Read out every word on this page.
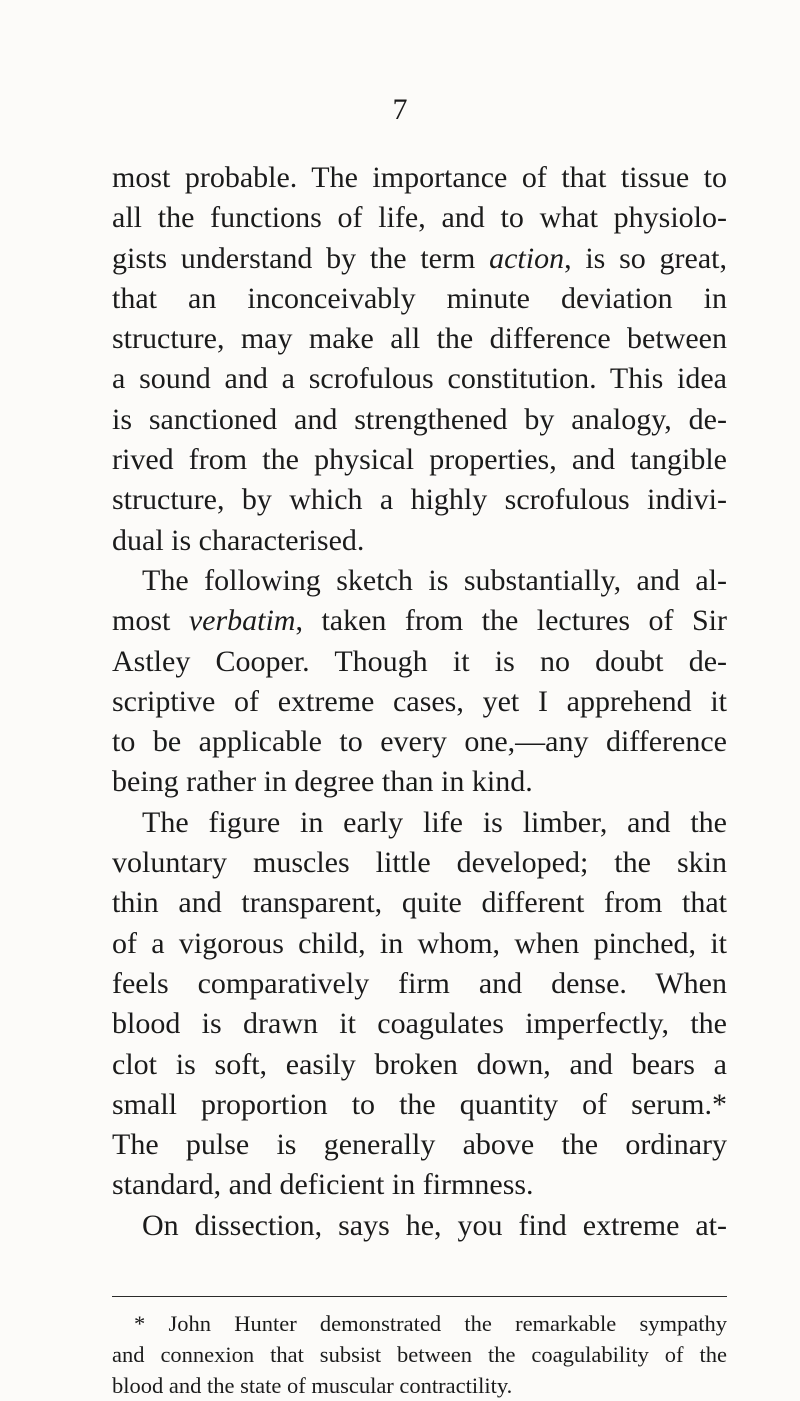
7
most probable. The importance of that tissue to
all the functions of life, and to what physiolo-
gists understand by the term action, is so great,
that an inconceivably minute deviation in
structure, may make all the difference between
a sound and a scrofulous constitution. This idea
is sanctioned and strengthened by analogy, de-
rived from the physical properties, and tangible
structure, by which a highly scrofulous indivi-
dual is characterised.
The following sketch is substantially, and al-
most verbatim, taken from the lectures of Sir
Astley Cooper. Though it is no doubt de-
scriptive of extreme cases, yet I apprehend it
to be applicable to every one,—any difference
being rather in degree than in kind.
The figure in early life is limber, and the
voluntary muscles little developed; the skin
thin and transparent, quite different from that
of a vigorous child, in whom, when pinched, it
feels comparatively firm and dense. When
blood is drawn it coagulates imperfectly, the
clot is soft, easily broken down, and bears a
small proportion to the quantity of serum.*
The pulse is generally above the ordinary
standard, and deficient in firmness.
On dissection, says he, you find extreme at-
* John Hunter demonstrated the remarkable sympathy
and connexion that subsist between the coagulability of the
blood and the state of muscular contractility.
